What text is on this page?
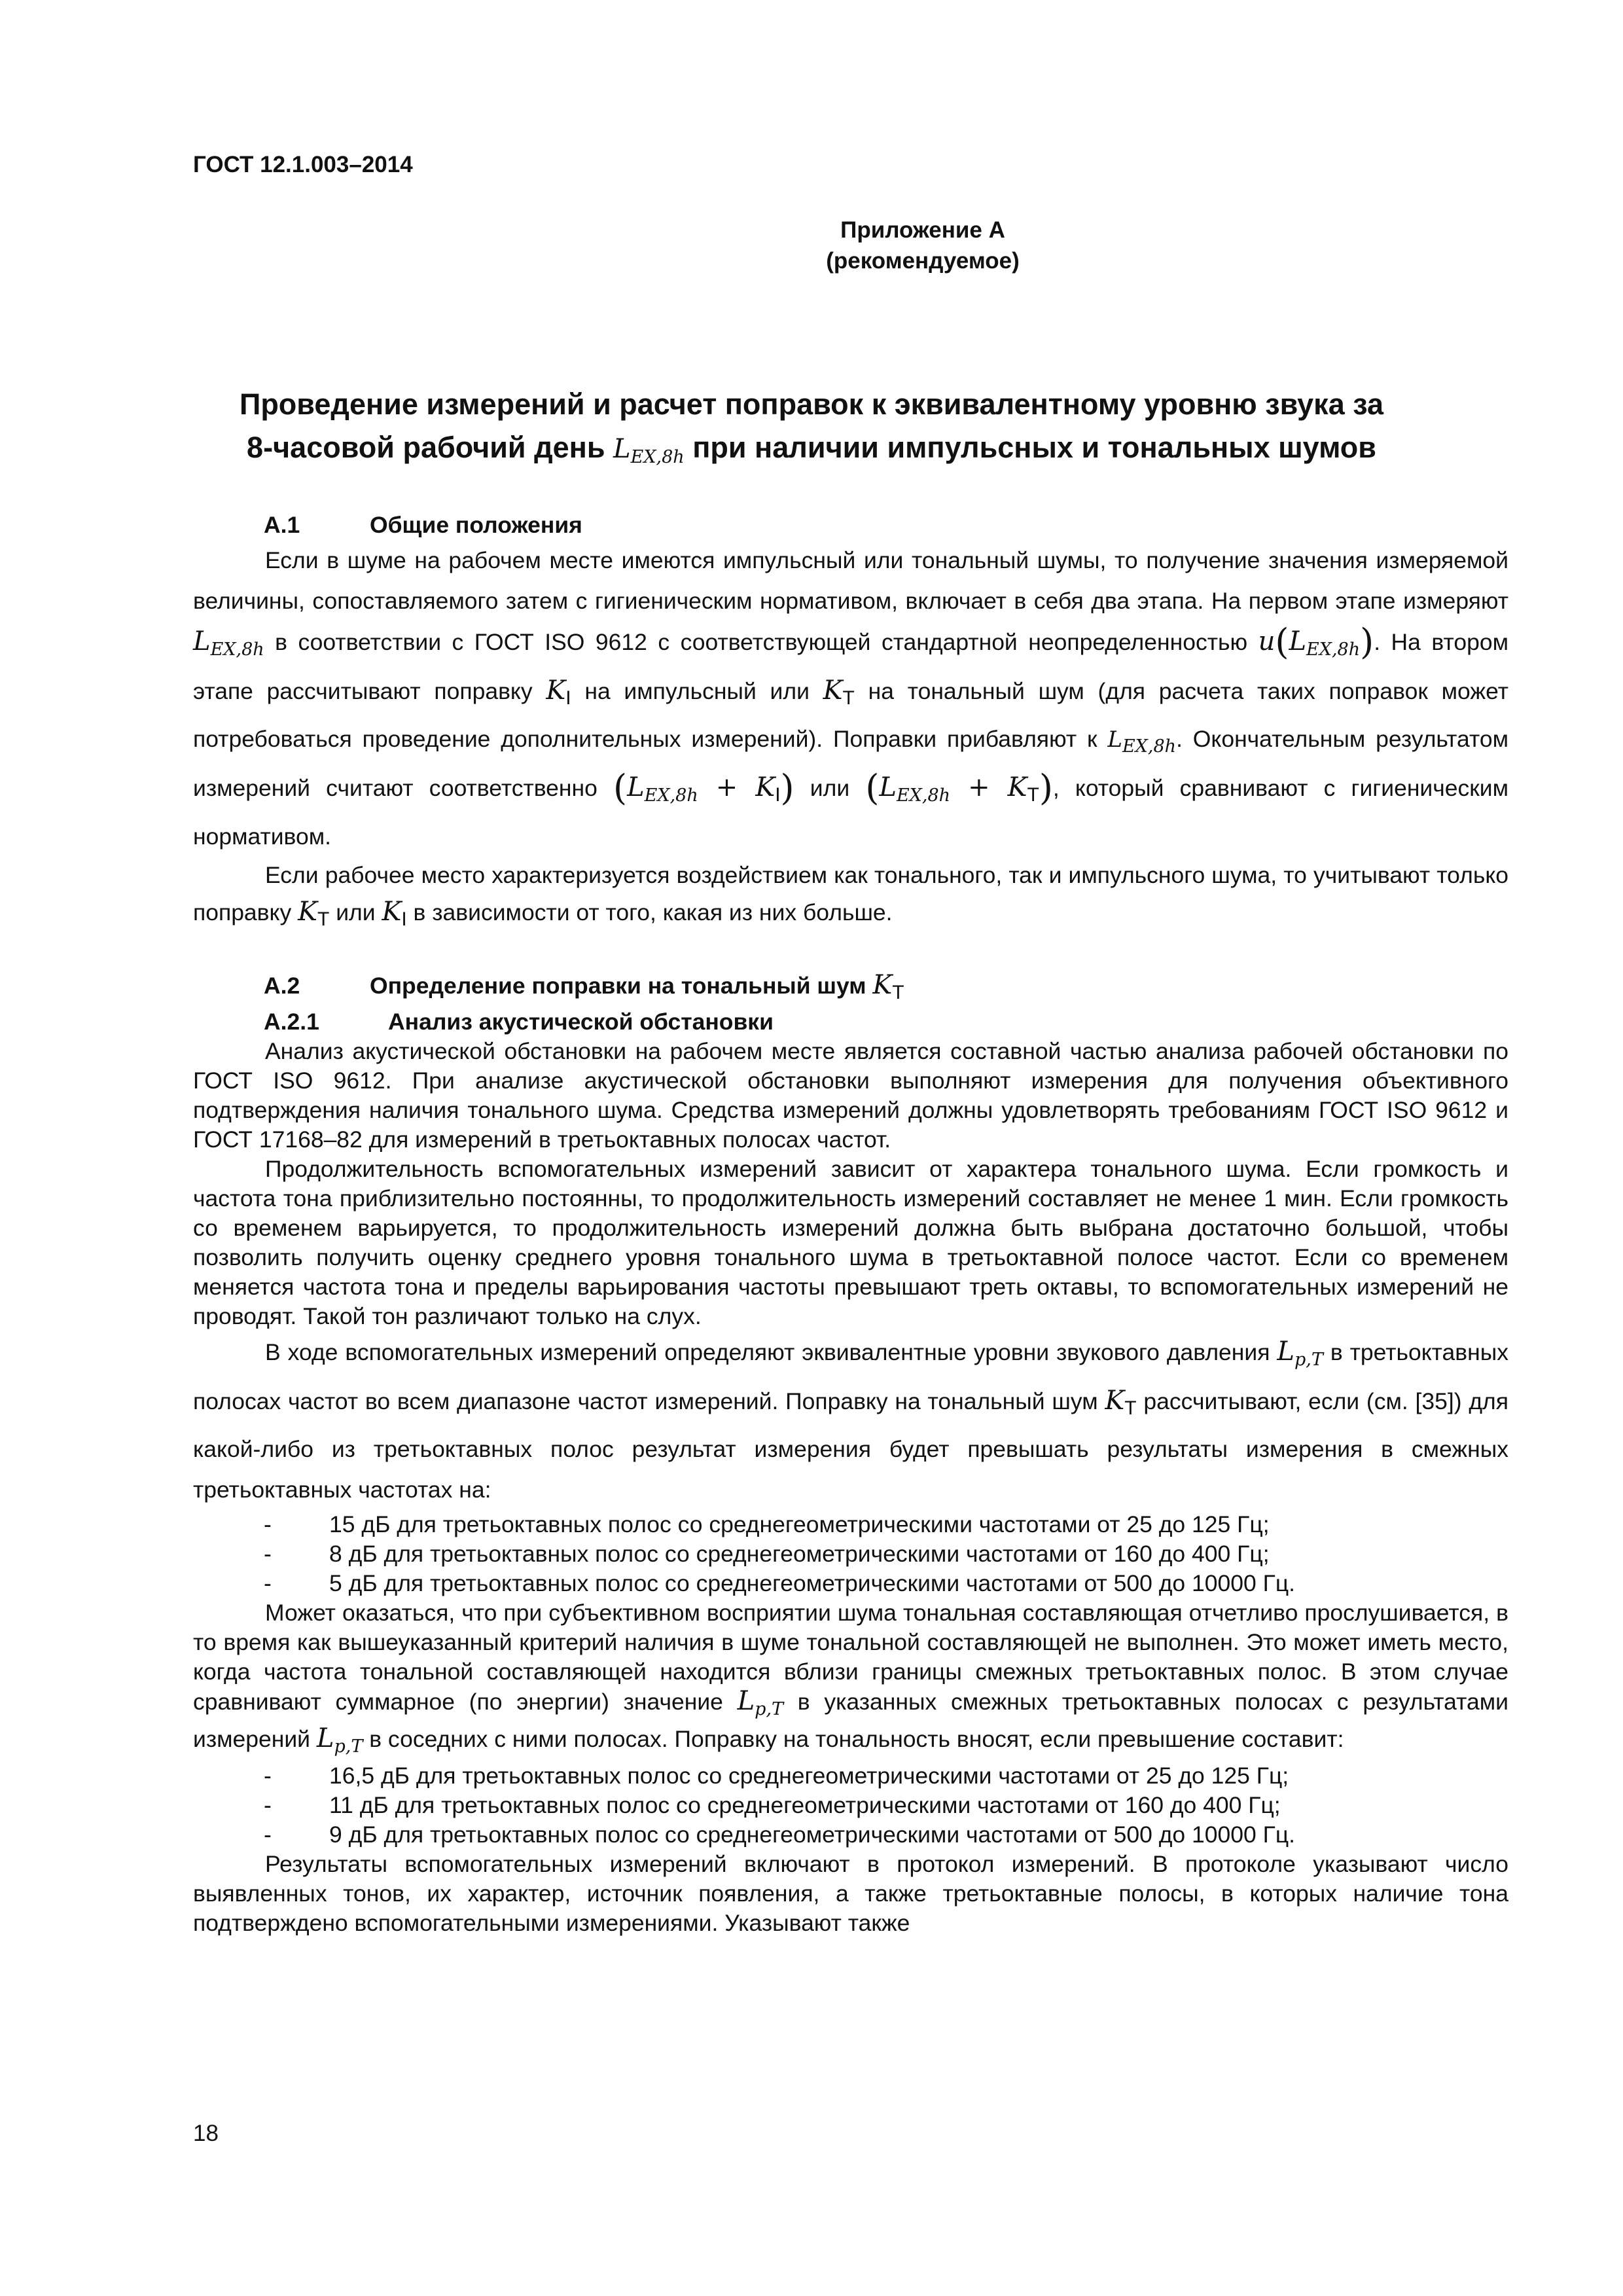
ГОСТ 12.1.003–2014
Приложение А
(рекомендуемое)
Проведение измерений и расчет поправок к эквивалентному уровню звука за
8-часовой рабочий день $L_{EX,8h}$ при наличии импульсных и тональных шумов

А.1	Общие положения

Если в шуме на рабочем месте имеются импульсный или тональный шумы, то получение значения измеряемой величины, сопоставляемого затем с гигиеническим нормативом, включает в себя два этапа. На первом этапе измеряют $L_{EX,8h}$ в соответствии с ГОСТ ISO 9612 с соответствующей стандартной неопределенностью $u(L_{EX,8h})$. На втором этапе рассчитывают поправку $K_I$ на импульсный или $K_T$ на тональный шум (для расчета таких поправок может потребоваться проведение дополнительных измерений). Поправки прибавляют к $L_{EX,8h}$. Окончательным результатом измерений считают соответственно $(L_{EX,8h} + K_I)$ или $(L_{EX,8h} + K_T)$, который сравнивают с гигиеническим нормативом.

Если рабочее место характеризуется воздействием как тонального, так и импульсного шума, то учитывают только поправку $K_T$ или $K_I$ в зависимости от того, какая из них больше.

А.2	Определение поправки на тональный шум $K_T$

А.2.1	Анализ акустической обстановки

Анализ акустической обстановки на рабочем месте является составной частью анализа рабочей обстановки по ГОСТ ISO 9612. При анализе акустической обстановки выполняют измерения для получения объективного подтверждения наличия тонального шума. Средства измерений должны удовлетворять требованиям ГОСТ ISO 9612 и ГОСТ 17168–82 для измерений в третьоктавных полосах частот.

Продолжительность вспомогательных измерений зависит от характера тонального шума. Если громкость и частота тона приблизительно постоянны, то продолжительность измерений составляет не менее 1 мин. Если громкость со временем варьируется, то продолжительность измерений должна быть выбрана достаточно большой, чтобы позволить получить оценку среднего уровня тонального шума в третьоктавной полосе частот. Если со временем меняется частота тона и пределы варьирования частоты превышают треть октавы, то вспомогательных измерений не проводят. Такой тон различают только на слух.

В ходе вспомогательных измерений определяют эквивалентные уровни звукового давления $L_{p,T}$ в третьоктавных полосах частот во всем диапазоне частот измерений. Поправку на тональный шум $K_T$ рассчитывают, если (см. [35]) для какой-либо из третьоктавных полос результат измерения будет превышать результаты измерения в смежных третьоктавных частотах на:

- 15 дБ для третьоктавных полос со среднегеометрическими частотами от 25 до 125 Гц;
- 8 дБ для третьоктавных полос со среднегеометрическими частотами от 160 до 400 Гц;
- 5 дБ для третьоктавных полос со среднегеометрическими частотами от 500 до 10000 Гц.

Может оказаться, что при субъективном восприятии шума тональная составляющая отчетливо прослушивается, в то время как вышеуказанный критерий наличия в шуме тональной составляющей не выполнен. Это может иметь место, когда частота тональной составляющей находится вблизи границы смежных третьоктавных полос. В этом случае сравнивают суммарное (по энергии) значение $L_{p,T}$ в указанных смежных третьоктавных полосах с результатами измерений $L_{p,T}$ в соседних с ними полосах. Поправку на тональность вносят, если превышение составит:

- 16,5 дБ для третьоктавных полос со среднегеометрическими частотами от 25 до 125 Гц;
- 11 дБ для третьоктавных полос со среднегеометрическими частотами от 160 до 400 Гц;
- 9 дБ для третьоктавных полос со среднегеометрическими частотами от 500 до 10000 Гц.

Результаты вспомогательных измерений включают в протокол измерений. В протоколе указывают число выявленных тонов, их характер, источник появления, а также третьоктавные полосы, в которых наличие тона подтверждено вспомогательными измерениями. Указывают также

18
